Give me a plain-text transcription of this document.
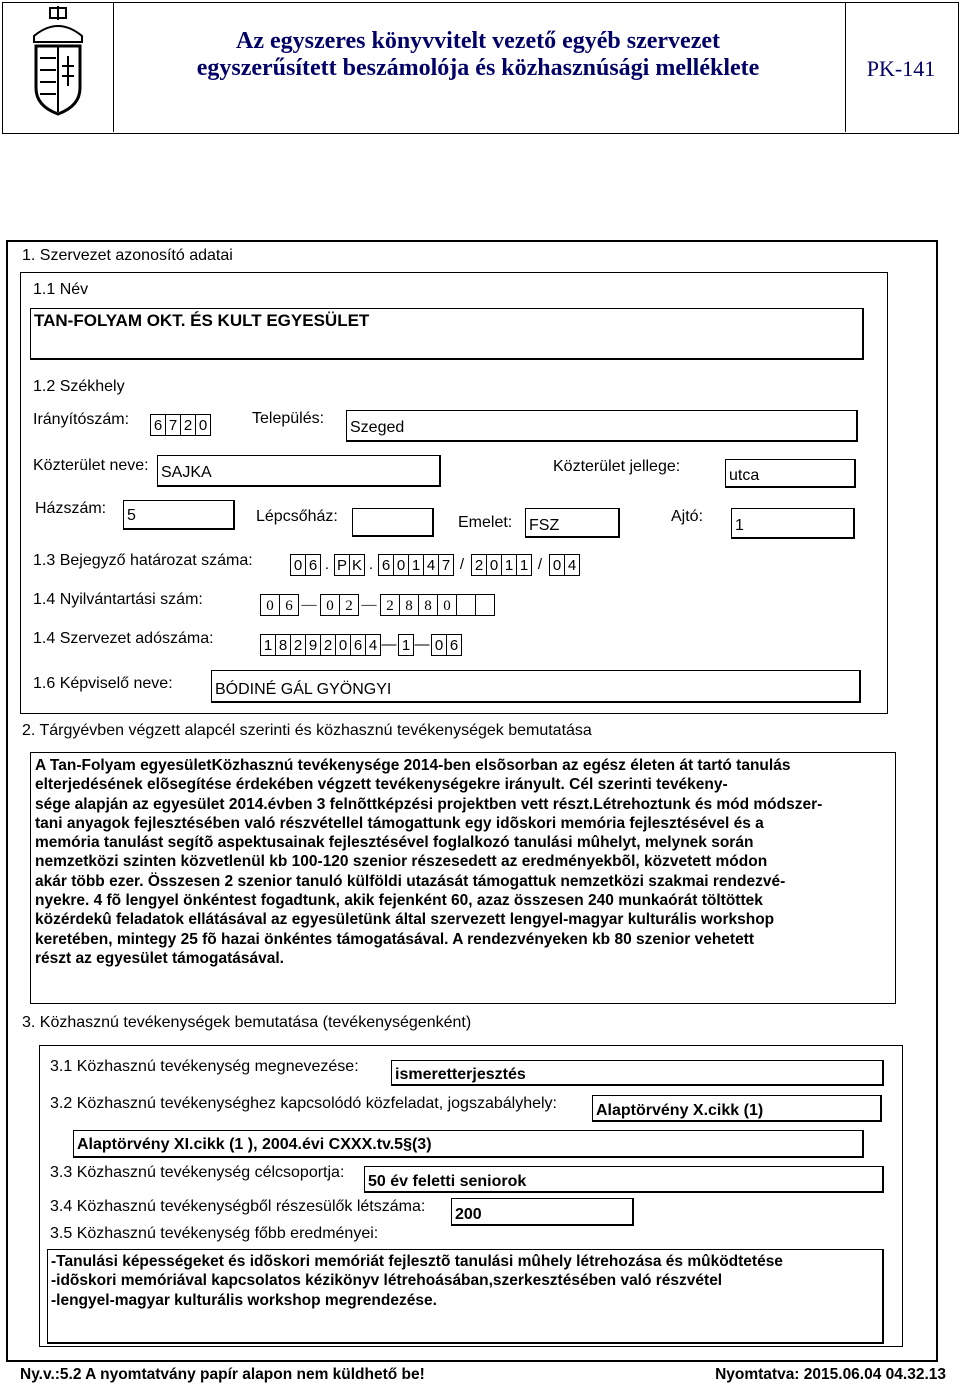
Az egyszeres könyvvitelt vezető egyéb szervezet
egyszerűsített beszámolója és közhasznúsági melléklete	PK-141
1. Szervezet azonosító adatai
1.1 Név
TAN-FOLYAM OKT. ÉS KULT EGYESÜLET
1.2 Székhely
Irányítószám: 6 7 2 0	Település:
Szeged
Közterület neve: SAJKA	Közterület jellege:
utca
Házszám: 5	Lépcsőház:	Emelet: FSZ
Ajtó:
1
1.3 Bejegyző határozat száma:	0 6 . P K . 6 0 1 4 7 / 2 0 1 1 / 0 4
1.4 Nyilvántartási szám:	0 6 — 0 2 — 2 8 8 0
1.4 Szervezet adószáma:	1 8 2 9 2 0 6 4 — 1 — 0 6
1.6 Képviselő neve:	BÓDINÉ GÁL GYÖNGYI
2. Tárgyévben végzett alapcél szerinti és közhasznú tevékenységek bemutatása
A Tan-Folyam egyesületKözhasznú tevékenysége 2014-ben elsõsorban az egész életen át tartó tanulás
elterjedésének elõsegítése érdekében végzett tevékenységekre irányult. Cél szerinti tevékeny-
sége alapján az egyesület 2014.évben 3 felnõttképzési projektben vett részt.Létrehoztunk és mód módszer-
tani anyagok fejlesztésében való részvétellel támogattunk egy idõskori memória fejlesztésével és a
memória tanulást segítõ aspektusainak fejlesztésével foglalkozó tanulási mûhelyt, melynek során
nemzetközi szinten közvetlenül kb 100-120 szenior részesedett az eredményekbõl, közvetett módon
akár több ezer. Összesen 2 szenior tanuló külföldi utazását támogattuk nemzetközi szakmai rendezvé-
nyekre. 4 fõ lengyel önkéntest fogadtunk, akik fejenként 60, azaz összesen 240 munkaórát töltöttek
közérdekû feladatok ellátásával az egyesületünk által szervezett lengyel-magyar kulturális workshop
keretében, mintegy 25 fõ hazai önkéntes támogatásával. A rendezvényeken kb 80 szenior vehetett
részt az egyesület támogatásával.
3. Közhasznú tevékenységek bemutatása (tevékenységenként)
3.1 Közhasznú tevékenység megnevezése: ismeretterjesztés
3.2 Közhasznú tevékenységhez kapcsolódó közfeladat, jogszabályhely: Alaptörvény X.cikk (1)
Alaptörvény XI.cikk (1 ), 2004.évi CXXX.tv.5§(3)
3.3 Közhasznú tevékenység célcsoportja:
50 év feletti seniorok
3.4 Közhasznú tevékenységből részesülők létszáma: 200
3.5 Közhasznú tevékenység főbb eredményei:
-Tanulási képességeket és idõskori memóriát fejlesztõ tanulási mûhely létrehozása és mûködtetése
-idõskori memóriával kapcsolatos kézikönyv létrehoásában,szerkesztésében való részvétel
-lengyel-magyar kulturális workshop megrendezése.
Ny.v.:5.2 A nyomtatvány papír alapon nem küldhető be!	Nyomtatva: 2015.06.04 04.32.13
